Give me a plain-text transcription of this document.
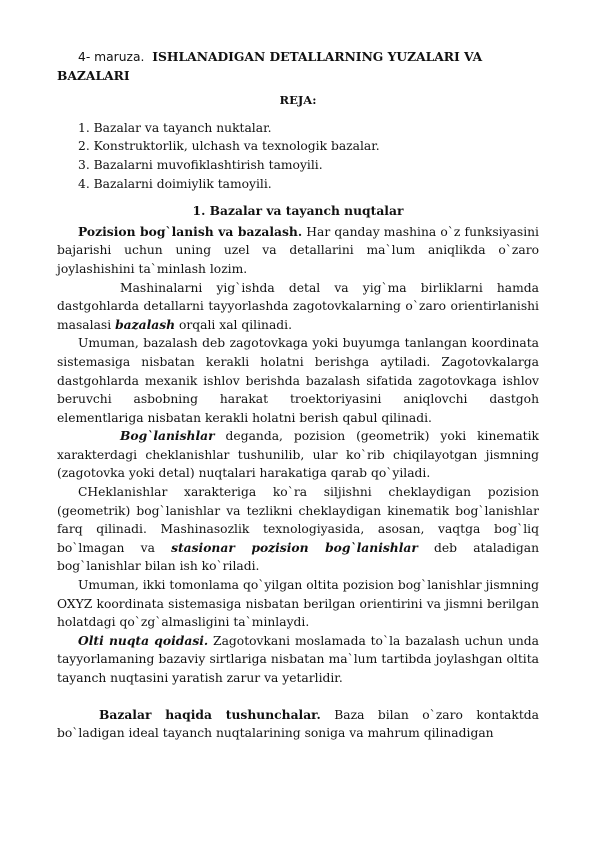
4- maruza. ISHLANADIGAN DETALLARNING YUZALARI VA BAZALARI

REJA:

1. Bazalar va tayanch nuktalar.
2. Konstruktorlik, ulchash va texnologik bazalar.
3. Bazalarni muvofiklashtirish tamoyili.
4. Bazalarni doimiylik tamoyili.

1. Bazalar va tayanch nuqtalar

Pozision bog`lanish va bazalash. Har qanday mashina o`z funksiyasini bajarishi uchun uning uzel va detallarini ma`lum aniqlikda o`zaro joylashishini ta`minlash lozim.

Mashinalarni yig`ishda detal va yig`ma birliklarni hamda dastgohlarda detallarni tayyorlashda zagotovkalarning o`zaro orientirlanishi masalasi bazalash orqali xal qilinadi.

Umuman, bazalash deb zagotovkaga yoki buyumga tanlangan koordinata sistemasiga nisbatan kerakli holatni berishga aytiladi. Zagotovkalarga dastgohlarda mexanik ishlov berishda bazalash sifatida zagotovkaga ishlov beruvchi asbobning harakat troektoriyasini aniqlovchi dastgoh elementlariga nisbatan kerakli holatni berish qabul qilinadi.

Bog`lanishlar deganda, pozision (geometrik) yoki kinematik xarakterdagi cheklanishlar tushunilib, ular ko`rib chiqilayotgan jismning (zagotovka yoki detal) nuqtalari harakatiga qarab qo`yiladi.

CHeklanishlar xarakteriga ko`ra siljishni cheklaydigan pozision (geometrik) bog`lanishlar va tezlikni cheklaydigan kinematik bog`lanishlar farq qilinadi. Mashinasozlik texnologiyasida, asosan, vaqtga bog`liq bo`lmagan va stasionar pozision bog`lanishlar deb ataladigan bog`lanishlar bilan ish ko`riladi.

Umuman, ikki tomonlama qo`yilgan oltita pozision bog`lanishlar jismning OXYZ koordinata sistemasiga nisbatan berilgan orientirini va jismni berilgan holatdagi qo`zg`almasligini ta`minlaydi.

Olti nuqta qoidasi. Zagotovkani moslamada to`la bazalash uchun unda tayyorlamaning bazaviy sirtlariga nisbatan ma`lum tartibda joylashgan oltita tayanch nuqtasini yaratish zarur va yetarlidir.

Bazalar haqida tushunchalar. Baza bilan o`zaro kontaktda bo`ladigan ideal tayanch nuqtalarining soniga va mahrum qilinadigan
